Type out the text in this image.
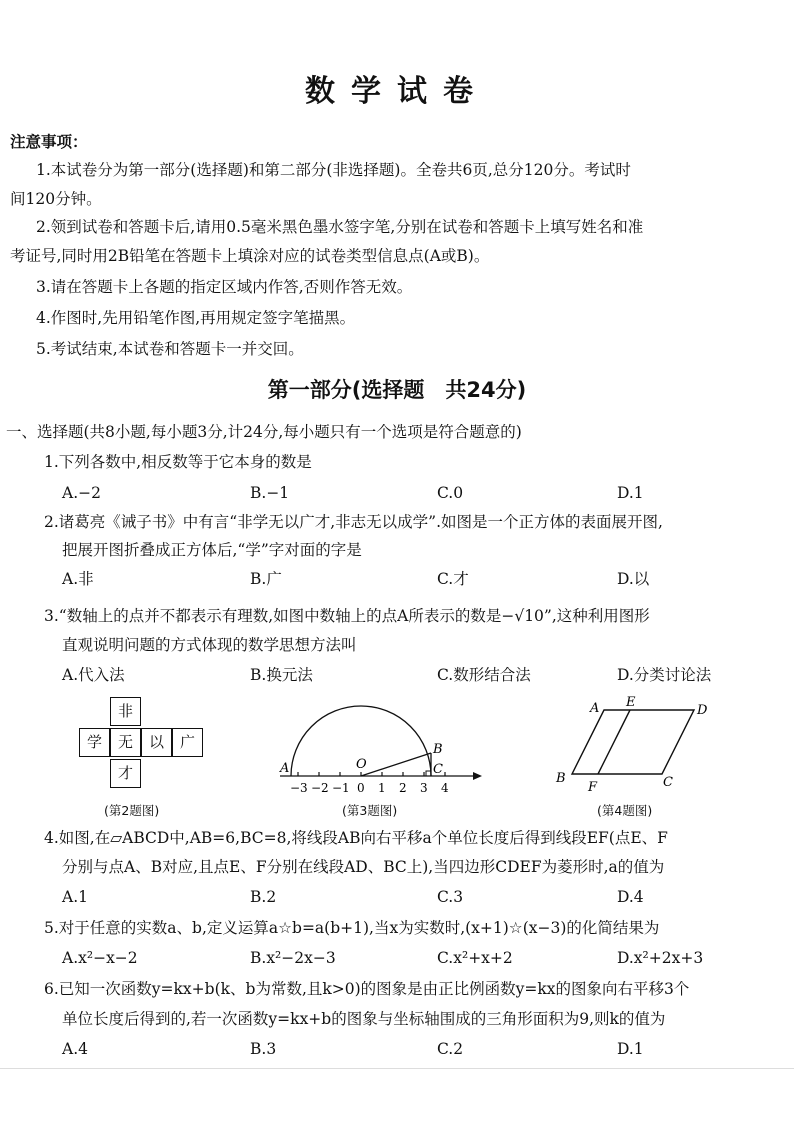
数学试卷
注意事项：
1.本试卷分为第一部分(选择题)和第二部分(非选择题)。全卷共6页,总分120分。考试时
间120分钟。
2.领到试卷和答题卡后,请用0.5毫米黑色墨水签字笔,分别在试卷和答题卡上填写姓名和准
考证号,同时用2B铅笔在答题卡上填涂对应的试卷类型信息点(A或B)。
3.请在答题卡上各题的指定区域内作答,否则作答无效。
4.作图时,先用铅笔作图,再用规定签字笔描黑。
5.考试结束,本试卷和答题卡一并交回。
第一部分(选择题　共24分)
一、选择题(共8小题,每小题3分,计24分,每小题只有一个选项是符合题意的)
1.下列各数中,相反数等于它本身的数是
A.−2	B.−1	C.0	D.1
2.诸葛亮《诫子书》中有言“非学无以广才,非志无以成学”.如图是一个正方体的表面展开图,
把展开图折叠成正方体后,“学”字对面的字是
A.非	B.广	C.才	D.以
3.“数轴上的点并不都表示有理数,如图中数轴上的点A所表示的数是−√10”,这种利用图形
直观说明问题的方式体现的数学思想方法叫
A.代入法	B.换元法	C.数形结合法	D.分类讨论法
非
学	无	以	广
才
(第2题图)
A	O
B
C
−3 −2 −1 0 1 2 3 4
(第3题图)
A E
D
B
F	C
(第4题图)
4.如图,在▱ABCD中,AB=6,BC=8,将线段AB向右平移a个单位长度后得到线段EF(点E、F
分别与点A、B对应,且点E、F分别在线段AD、BC上),当四边形CDEF为菱形时,a的值为
A.1	B.2	C.3	D.4
5.对于任意的实数a、b,定义运算a☆b=a(b+1),当x为实数时,(x+1)☆(x−3)的化简结果为
A.x²−x−2	B.x²−2x−3	C.x²+x+2	D.x²+2x+3
6.已知一次函数y=kx+b(k、b为常数,且k>0)的图象是由正比例函数y=kx的图象向右平移3个
单位长度后得到的,若一次函数y=kx+b的图象与坐标轴围成的三角形面积为9,则k的值为
A.4	B.3	C.2	D.1
